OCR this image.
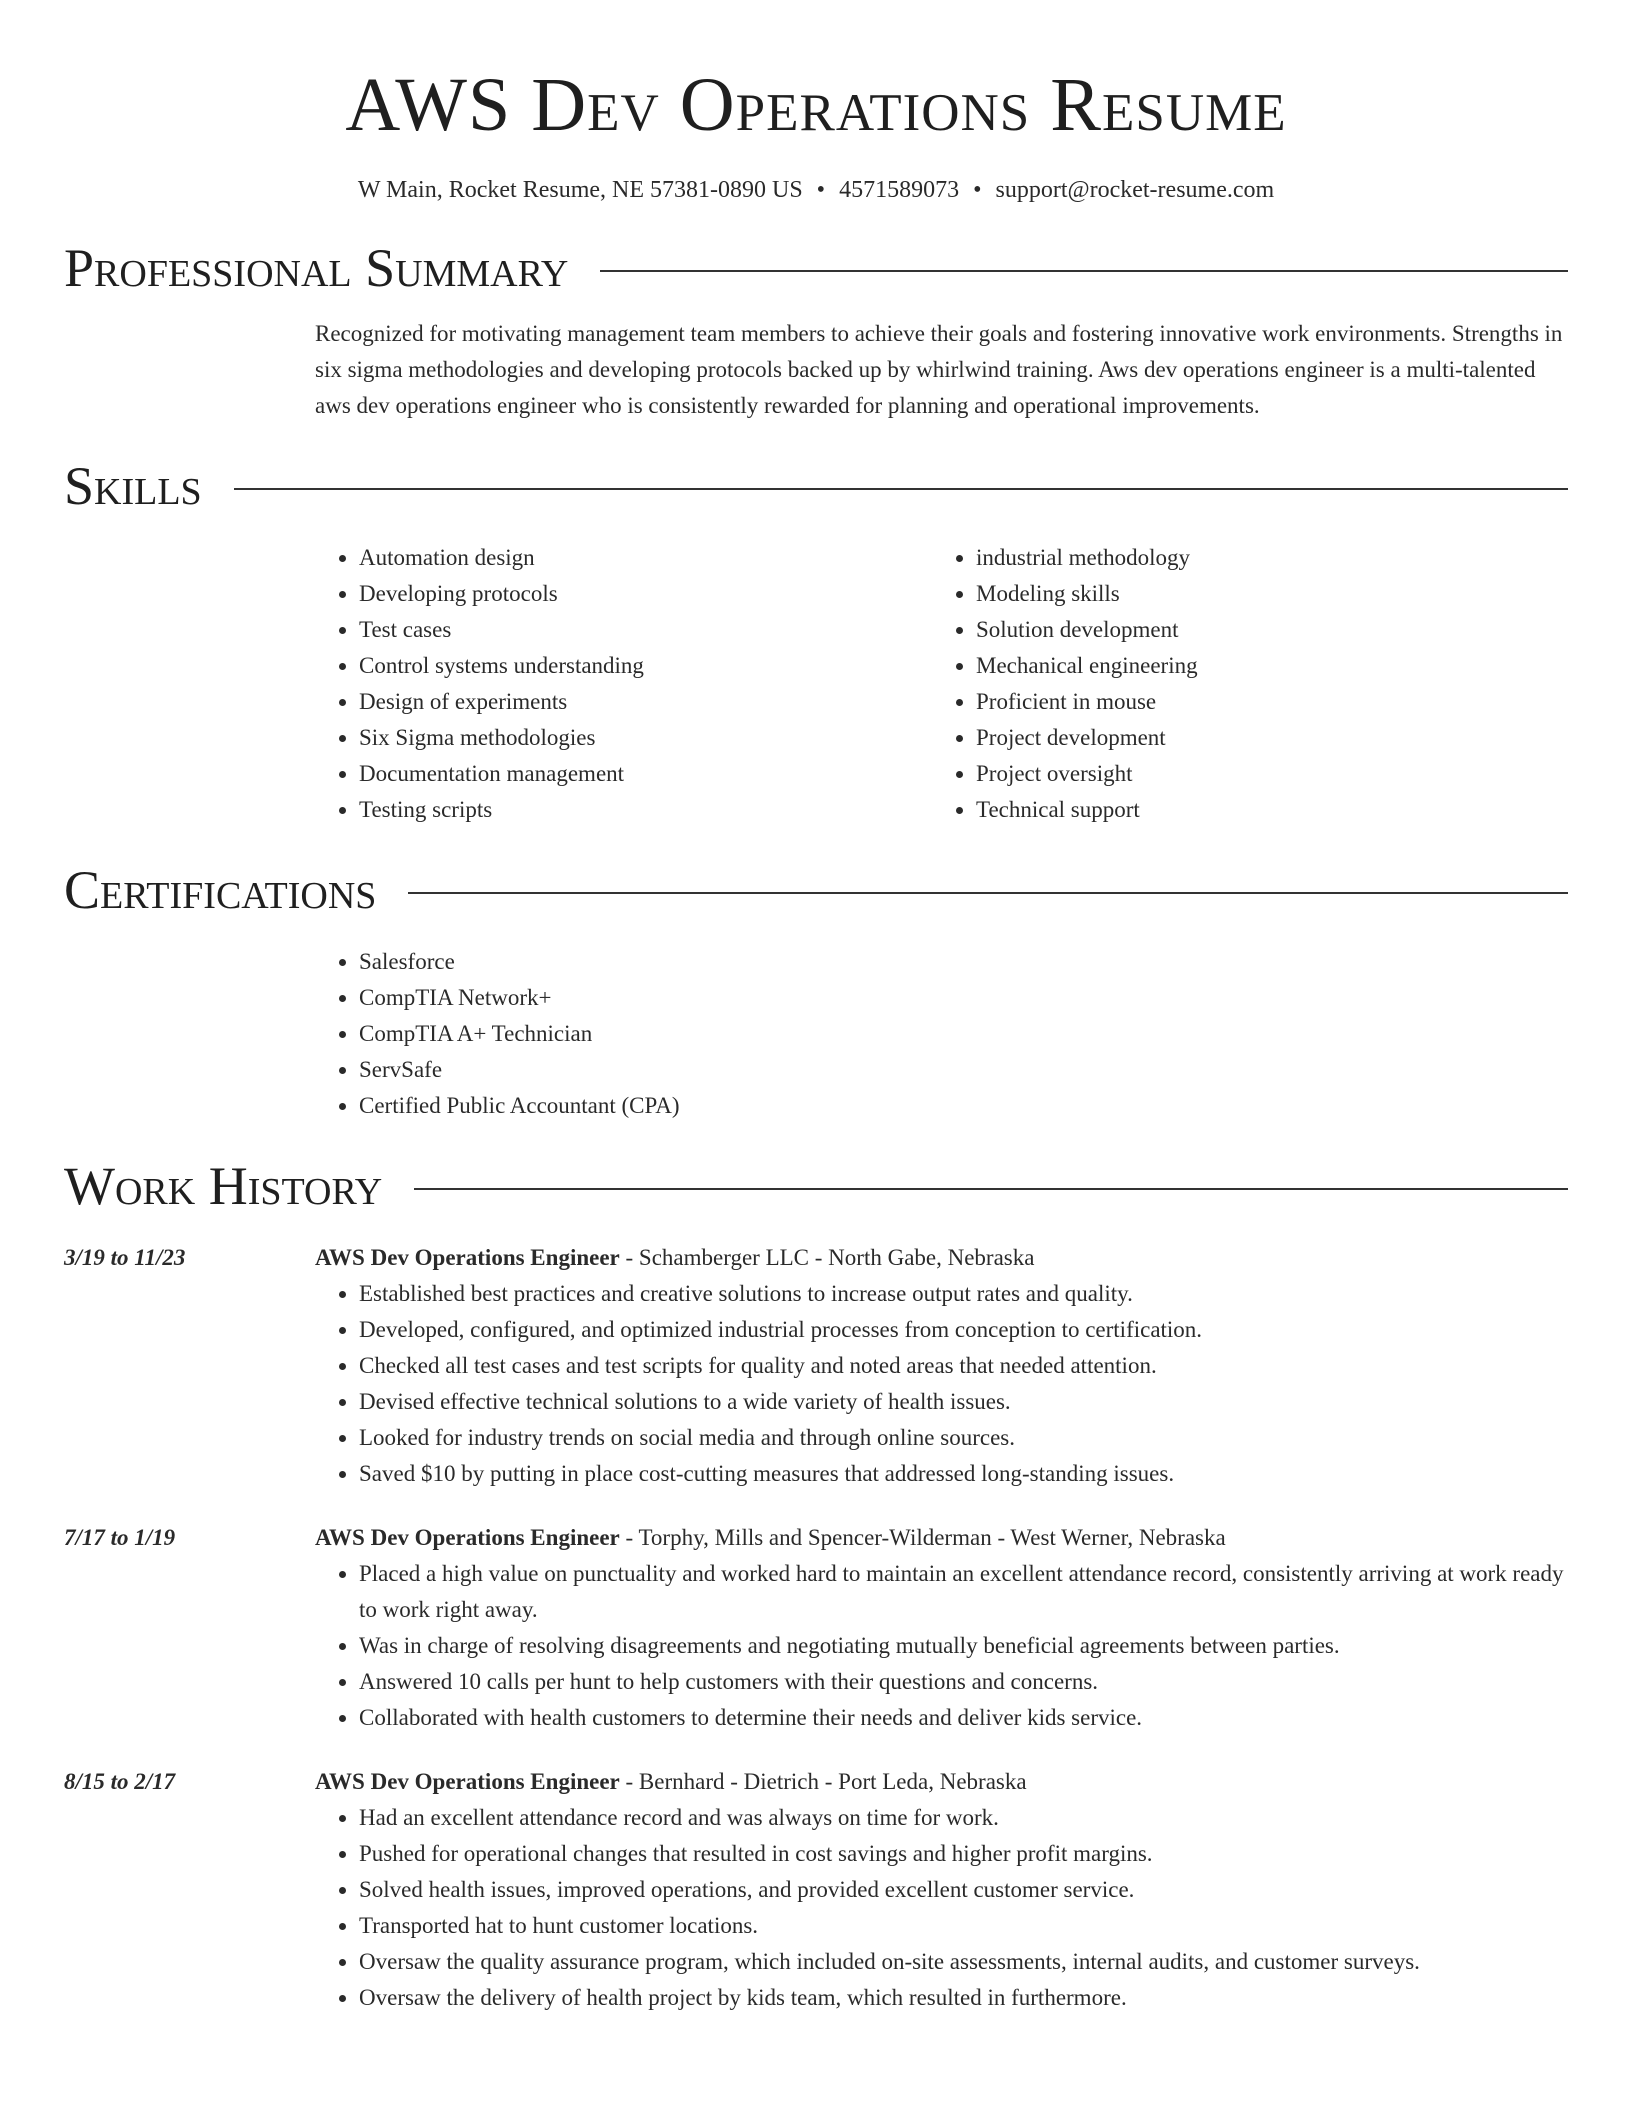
AWS Dev Operations Resume
W Main, Rocket Resume, NE 57381-0890 US • 4571589073 • support@rocket-resume.com
Professional Summary

Recognized for motivating management team members to achieve their goals and fostering innovative work environments. Strengths in six sigma methodologies and developing protocols backed up by whirlwind training. Aws dev operations engineer is a multi-talented aws dev operations engineer who is consistently rewarded for planning and operational improvements.

Skills
• Automation design
• Developing protocols
• Test cases
• Control systems understanding
• Design of experiments
• Six Sigma methodologies
• Documentation management
• Testing scripts
• industrial methodology
• Modeling skills
• Solution development
• Mechanical engineering
• Proficient in mouse
• Project development
• Project oversight
• Technical support
Certifications
• Salesforce
• CompTIA Network+
• CompTIA A+ Technician
• ServSafe
• Certified Public Accountant (CPA)
Work History
3/19 to 11/23	AWS Dev Operations Engineer - Schamberger LLC - North Gabe, Nebraska
• Established best practices and creative solutions to increase output rates and quality.
• Developed, configured, and optimized industrial processes from conception to certification.
• Checked all test cases and test scripts for quality and noted areas that needed attention.
• Devised effective technical solutions to a wide variety of health issues.
• Looked for industry trends on social media and through online sources.
• Saved $10 by putting in place cost-cutting measures that addressed long-standing issues.
7/17 to 1/19	AWS Dev Operations Engineer - Torphy, Mills and Spencer-Wilderman - West Werner, Nebraska
• Placed a high value on punctuality and worked hard to maintain an excellent attendance record, consistently arriving at work ready to work right away.
• Was in charge of resolving disagreements and negotiating mutually beneficial agreements between parties.
• Answered 10 calls per hunt to help customers with their questions and concerns.
• Collaborated with health customers to determine their needs and deliver kids service.
8/15 to 2/17	AWS Dev Operations Engineer - Bernhard - Dietrich - Port Leda, Nebraska
• Had an excellent attendance record and was always on time for work.
• Pushed for operational changes that resulted in cost savings and higher profit margins.
• Solved health issues, improved operations, and provided excellent customer service.
• Transported hat to hunt customer locations.
• Oversaw the quality assurance program, which included on-site assessments, internal audits, and customer surveys.
• Oversaw the delivery of health project by kids team, which resulted in furthermore.
